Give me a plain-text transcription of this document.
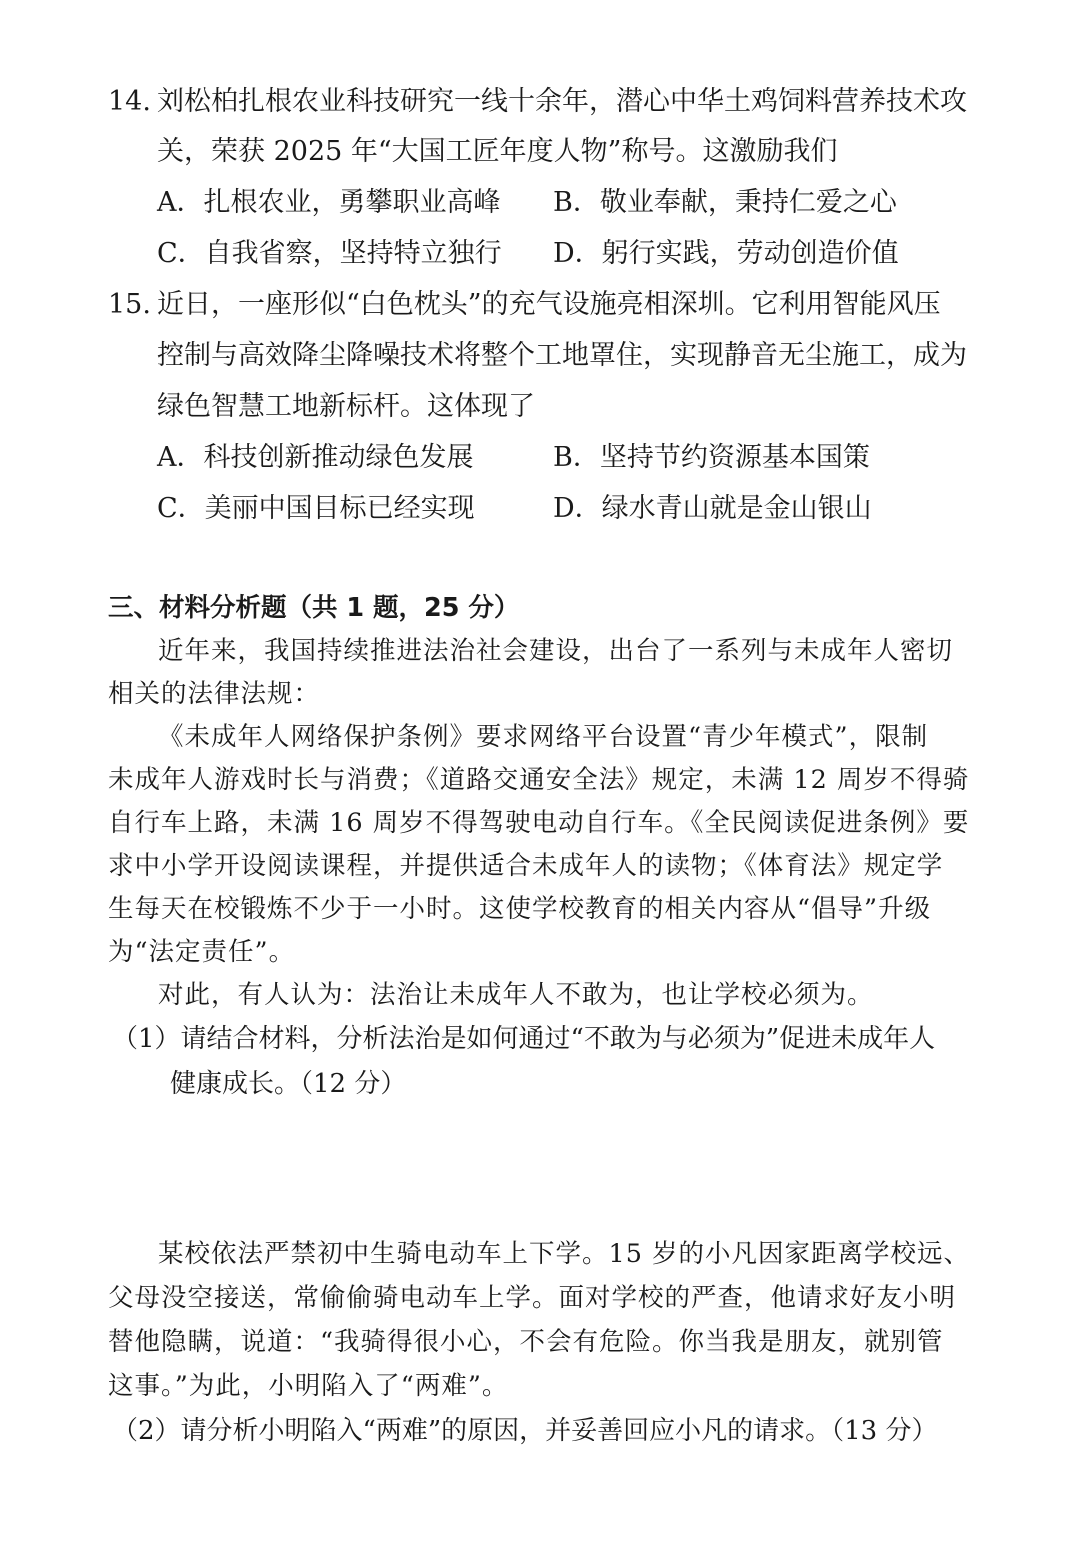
14. 刘松柏扎根农业科技研究一线十余年，潜心中华土鸡饲料营养技术攻
关，荣获 2025 年“大国工匠年度人物”称号。这激励我们
A．扎根农业，勇攀职业高峰 B．敬业奉献，秉持仁爱之心
C．自我省察，坚持特立独行 D．躬行实践，劳动创造价值
15. 近日，一座形似“白色枕头”的充气设施亮相深圳。它利用智能风压
控制与高效降尘降噪技术将整个工地罩住，实现静音无尘施工，成为
绿色智慧工地新标杆。这体现了
A．科技创新推动绿色发展	B．坚持节约资源基本国策
C．美丽中国目标已经实现	D．绿水青山就是金山银山
三、材料分析题（共 1 题，25 分）
近年来，我国持续推进法治社会建设，出台了一系列与未成年人密切
相关的法律法规：
《未成年人网络保护条例》要求网络平台设置“青少年模式”，限制
未成年人游戏时长与消费；《道路交通安全法》规定，未满 12 周岁不得骑
自行车上路，未满 16 周岁不得驾驶电动自行车。《全民阅读促进条例》要
求中小学开设阅读课程，并提供适合未成年人的读物；《体育法》规定学
生每天在校锻炼不少于一小时。这使学校教育的相关内容从“倡导”升级
为“法定责任”。
对此，有人认为：法治让未成年人不敢为，也让学校必须为。
（1）请结合材料，分析法治是如何通过“不敢为与必须为”促进未成年人
健康成长。（12 分）
某校依法严禁初中生骑电动车上下学。15 岁的小凡因家距离学校远、
父母没空接送，常偷偷骑电动车上学。面对学校的严查，他请求好友小明
替他隐瞒，说道：“我骑得很小心，不会有危险。你当我是朋友，就别管
这事。”为此，小明陷入了“两难”。
（2）请分析小明陷入“两难”的原因，并妥善回应小凡的请求。（13 分）
